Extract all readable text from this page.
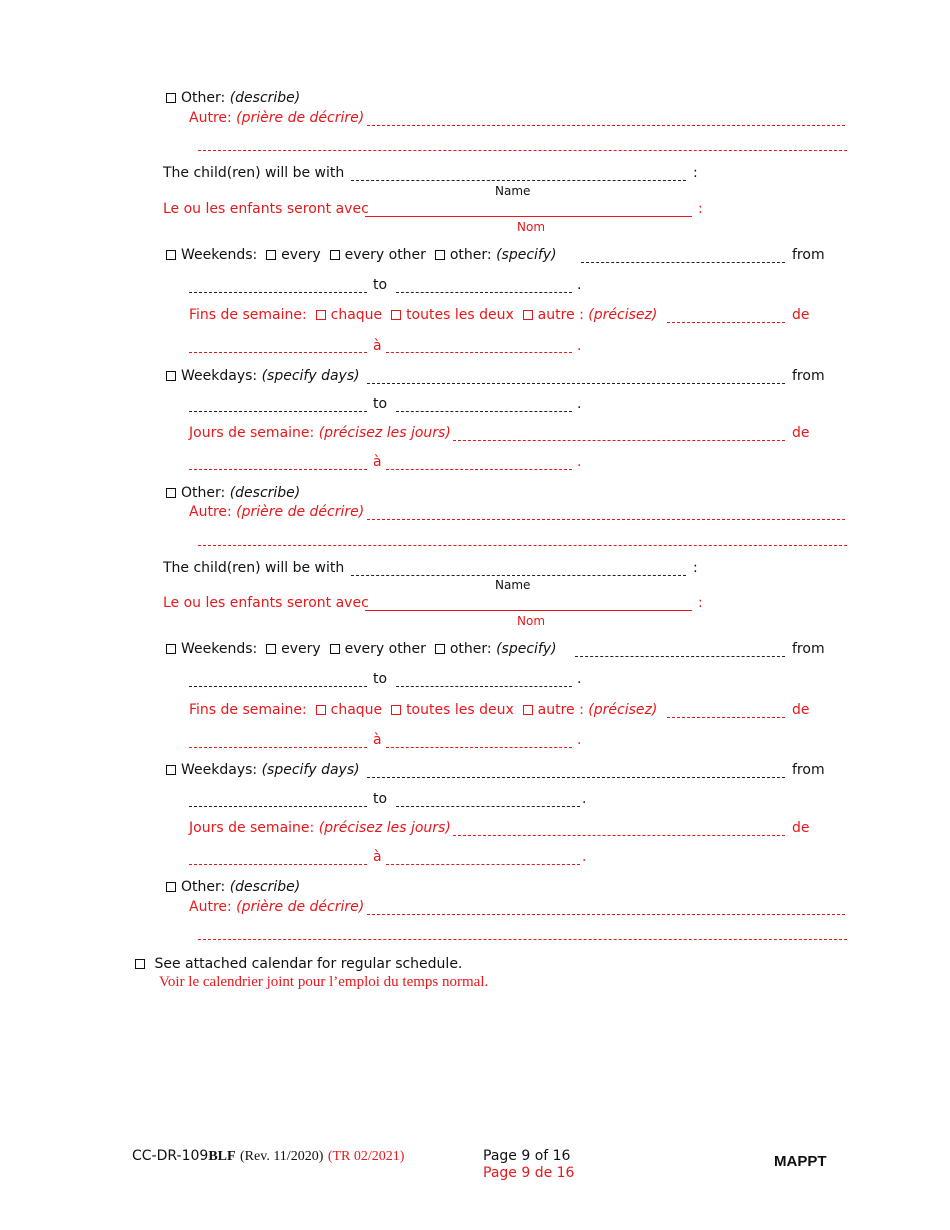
Other: (describe)
Autre: (prière de décrire)
The child(ren) will be with	:
Name
Le ou les enfants seront avec	:
Nom
Weekends: every every other other: (specify)	from
to	.
Fins de semaine: chaque toutes les deux autre : (précisez)	de
à	.
Weekdays: (specify days)	from
to	.
Jours de semaine: (précisez les jours)	de
à	.
Other: (describe)
Autre: (prière de décrire)
The child(ren) will be with	:
Name
Le ou les enfants seront avec	:
Nom
Weekends: every every other other: (specify)	from
to	.
Fins de semaine: chaque toutes les deux autre : (précisez)	de
à	.
Weekdays: (specify days)	from
to	.
Jours de semaine: (précisez les jours)	de
à	.
Other: (describe)
Autre: (prière de décrire)
See attached calendar for regular schedule.
Voir le calendrier joint pour l’emploi du temps normal.
CC-DR-109BLF (Rev. 11/2020) (TR 02/2021)	Page 9 of 16
Page 9 de 16
MAPPT
